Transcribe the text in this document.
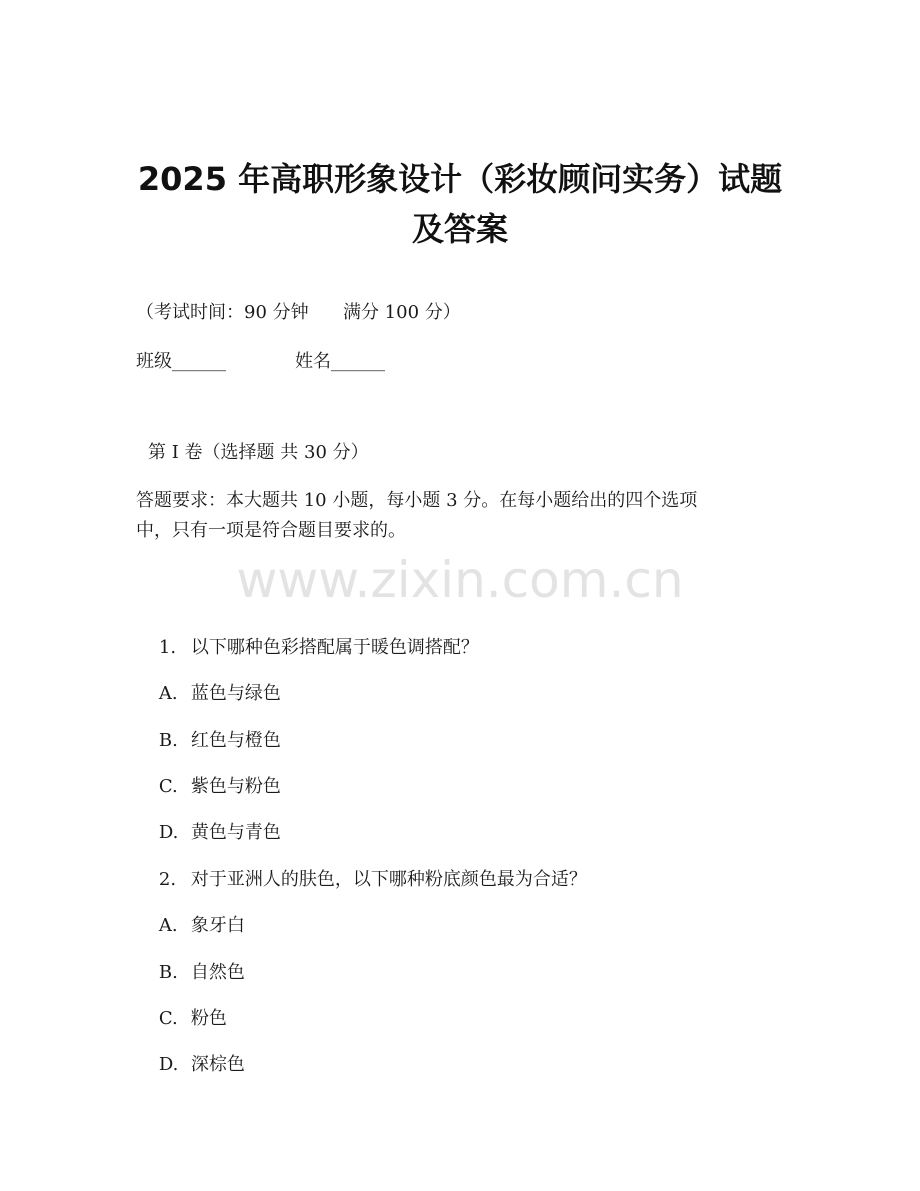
2025 年高职形象设计（彩妆顾问实务）试题
及答案
（考试时间：90 分钟      满分 100 分）
班级______	姓名______
第 I 卷（选择题 共 30 分）
答题要求：本大题共 10 小题，每小题 3 分。在每小题给出的四个选项
中，只有一项是符合题目要求的。
www.zixin.com.cn

1. 以下哪种色彩搭配属于暖色调搭配？

A. 蓝色与绿色

B. 红色与橙色

C. 紫色与粉色

D. 黄色与青色

2. 对于亚洲人的肤色，以下哪种粉底颜色最为合适？

A. 象牙白

B. 自然色

C. 粉色

D. 深棕色
